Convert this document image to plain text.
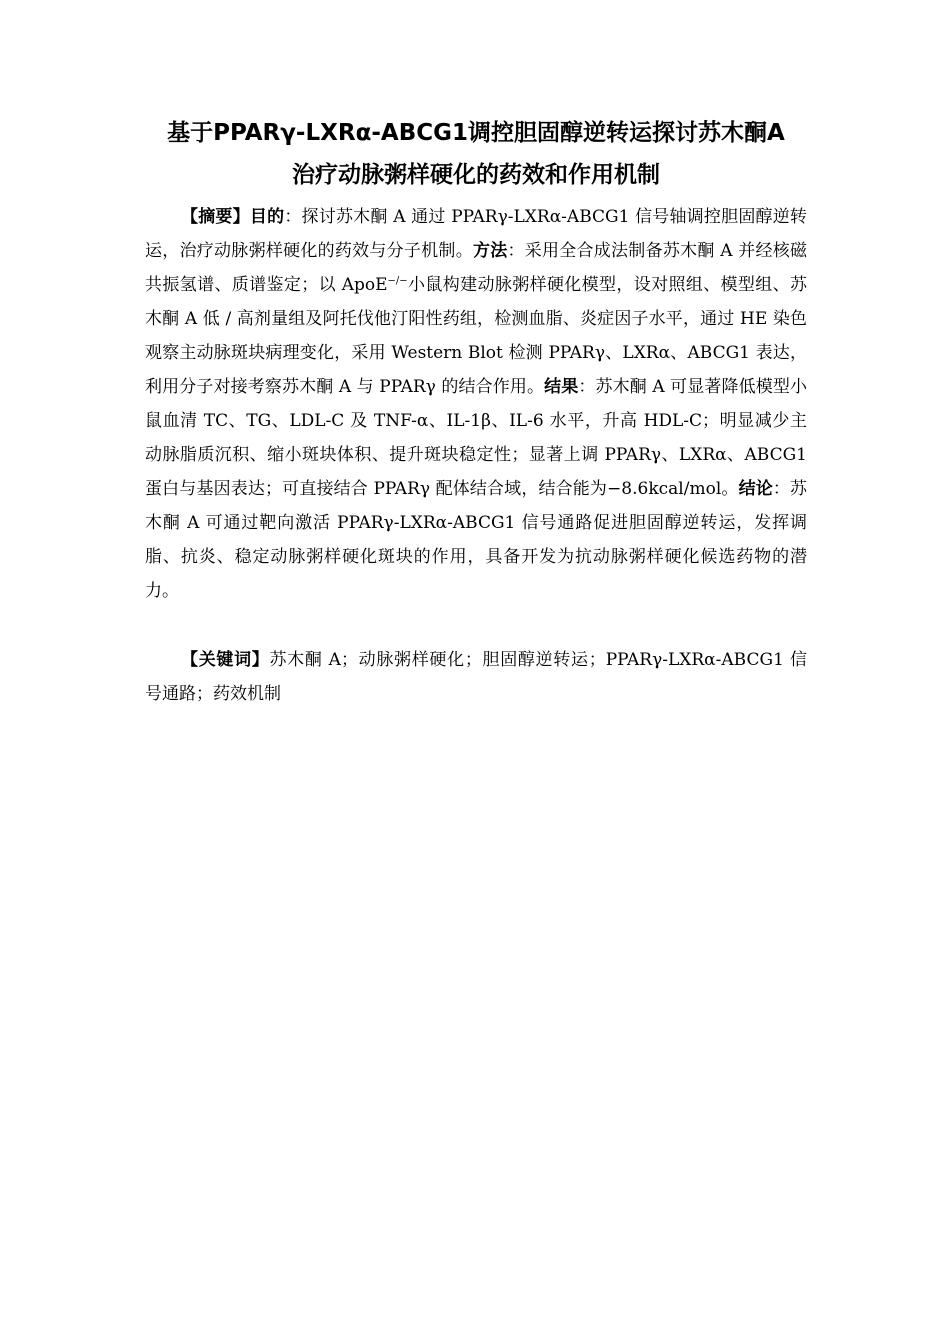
基于PPARγ-LXRα-ABCG1调控胆固醇逆转运探讨苏木酮A
治疗动脉粥样硬化的药效和作用机制

【摘要】目的：探讨苏木酮 A 通过 PPARγ-LXRα-ABCG1 信号轴调控胆固醇逆转运，治疗动脉粥样硬化的药效与分子机制。方法：采用全合成法制备苏木酮 A 并经核磁共振氢谱、质谱鉴定；以 ApoE−/−小鼠构建动脉粥样硬化模型，设对照组、模型组、苏木酮 A 低 / 高剂量组及阿托伐他汀阳性药组，检测血脂、炎症因子水平，通过 HE 染色观察主动脉斑块病理变化，采用 Western Blot 检测 PPARγ、LXRα、ABCG1 表达，利用分子对接考察苏木酮 A 与 PPARγ 的结合作用。结果：苏木酮 A 可显著降低模型小鼠血清 TC、TG、LDL-C 及 TNF-α、IL-1β、IL-6 水平，升高 HDL-C；明显减少主动脉脂质沉积、缩小斑块体积、提升斑块稳定性；显著上调 PPARγ、LXRα、ABCG1 蛋白与基因表达；可直接结合 PPARγ 配体结合域，结合能为−8.6kcal/mol。结论：苏木酮 A 可通过靶向激活 PPARγ-LXRα-ABCG1 信号通路促进胆固醇逆转运，发挥调脂、抗炎、稳定动脉粥样硬化斑块的作用，具备开发为抗动脉粥样硬化候选药物的潜力。

【关键词】苏木酮 A；动脉粥样硬化；胆固醇逆转运；PPARγ-LXRα-ABCG1 信号通路；药效机制
